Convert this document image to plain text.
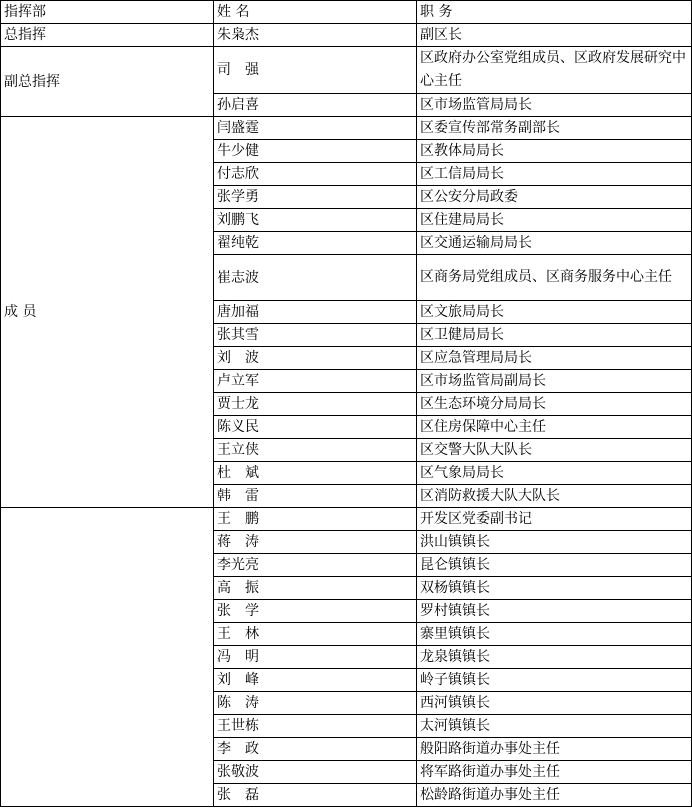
指挥部	姓 名	职 务
总指挥	朱枭杰	副区长
副总指挥	司　强	区政府办公室党组成员、区政府发展研究中心主任
	孙启喜	区市场监管局局长
成 员	闫盛霆	区委宣传部常务副部长
	牛少健	区教体局局长
	付志欣	区工信局局长
	张学勇	区公安分局政委
	刘鹏飞	区住建局局长
	翟纯乾	区交通运输局局长
	崔志波	区商务局党组成员、区商务服务中心主任
	唐加福	区文旅局局长
	张其雪	区卫健局局长
	刘　波	区应急管理局局长
	卢立军	区市场监管局副局长
	贾士龙	区生态环境分局局长
	陈义民	区住房保障中心主任
	王立侠	区交警大队大队长
	杜　斌	区气象局局长
	韩　雷	区消防救援大队大队长
	王　鹏	开发区党委副书记
	蒋　涛	洪山镇镇长
	李光亮	昆仑镇镇长
	高　振	双杨镇镇长
	张　学	罗村镇镇长
	王　林	寨里镇镇长
	冯　明	龙泉镇镇长
	刘　峰	岭子镇镇长
	陈　涛	西河镇镇长
	王世栋	太河镇镇长
	李　政	般阳路街道办事处主任
	张敬波	将军路街道办事处主任
	张　磊	松龄路街道办事处主任
